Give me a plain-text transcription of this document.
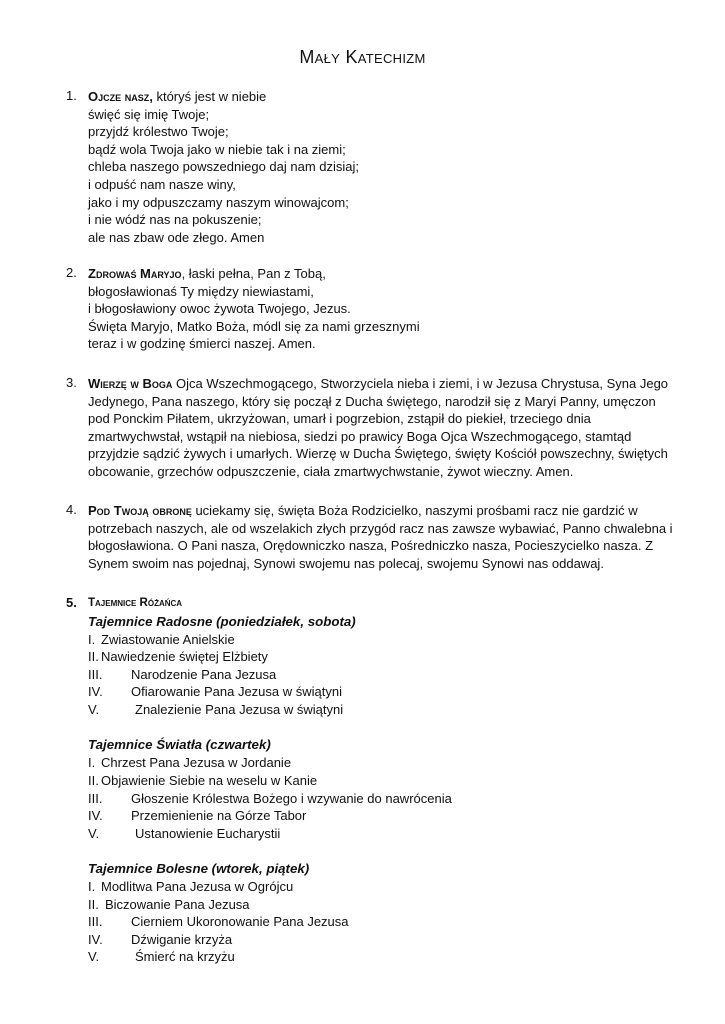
Mały Katechizm
1. Ojcze nasz, któryś jest w niebie
święć się imię Twoje;
przyjdź królestwo Twoje;
bądź wola Twoja jako w niebie tak i na ziemi;
chleba naszego powszedniego daj nam dzisiaj;
i odpuść nam nasze winy,
jako i my odpuszczamy naszym winowajcom;
i nie wódź nas na pokuszenie;
ale nas zbaw ode złego. Amen
2. Zdrowaś Maryjo, łaski pełna, Pan z Tobą,
błogosławionaś Ty między niewiastami,
i błogosławiony owoc żywota Twojego, Jezus.
Święta Maryjo, Matko Boża, módl się za nami grzesznymi
teraz i w godzinę śmierci naszej. Amen.
3. Wierzę w Boga Ojca Wszechmogącego, Stworzyciela nieba i ziemi, i w Jezusa Chrystusa, Syna Jego
Jedynego, Pana naszego, który się począł z Ducha świętego, narodził się z Maryi Panny, umęczon
pod Ponckim Piłatem, ukrzyżowan, umarł i pogrzebion, zstąpił do piekieł, trzeciego dnia
zmartwychwstał, wstąpił na niebiosa, siedzi po prawicy Boga Ojca Wszechmogącego, stamtąd
przyjdzie sądzić żywych i umarłych. Wierzę w Ducha Świętego, święty Kościół powszechny, świętych
obcowanie, grzechów odpuszczenie, ciała zmartwychwstanie, żywot wieczny. Amen.
4. Pod Twoją obronę uciekamy się, święta Boża Rodzicielko, naszymi prośbami racz nie gardzić w
potrzebach naszych, ale od wszelakich złych przygód racz nas zawsze wybawiać, Panno chwalebna i
błogosławiona. O Pani nasza, Orędowniczko nasza, Pośredniczko nasza, Pocieszycielko nasza. Z
Synem swoim nas pojednaj, Synowi swojemu nas polecaj, swojemu Synowi nas oddawaj.
5. Tajemnice Różańca
Tajemnice Radosne (poniedziałek, sobota)
I. Zwiastowanie Anielskie
II. Nawiedzenie świętej Elżbiety
III. Narodzenie Pana Jezusa
IV. Ofiarowanie Pana Jezusa w świątyni
V.	Znalezienie Pana Jezusa w świątyni
Tajemnice Światła (czwartek)
I. Chrzest Pana Jezusa w Jordanie
II. Objawienie Siebie na weselu w Kanie
III. Głoszenie Królestwa Bożego i wzywanie do nawrócenia
IV. Przemienienie na Górze Tabor
V.	Ustanowienie Eucharystii
Tajemnice Bolesne (wtorek, piątek)
I. Modlitwa Pana Jezusa w Ogrójcu
II. Biczowanie Pana Jezusa
III. Cierniem Ukoronowanie Pana Jezusa
IV. Dźwiganie krzyża
V.	Śmierć na krzyżu
